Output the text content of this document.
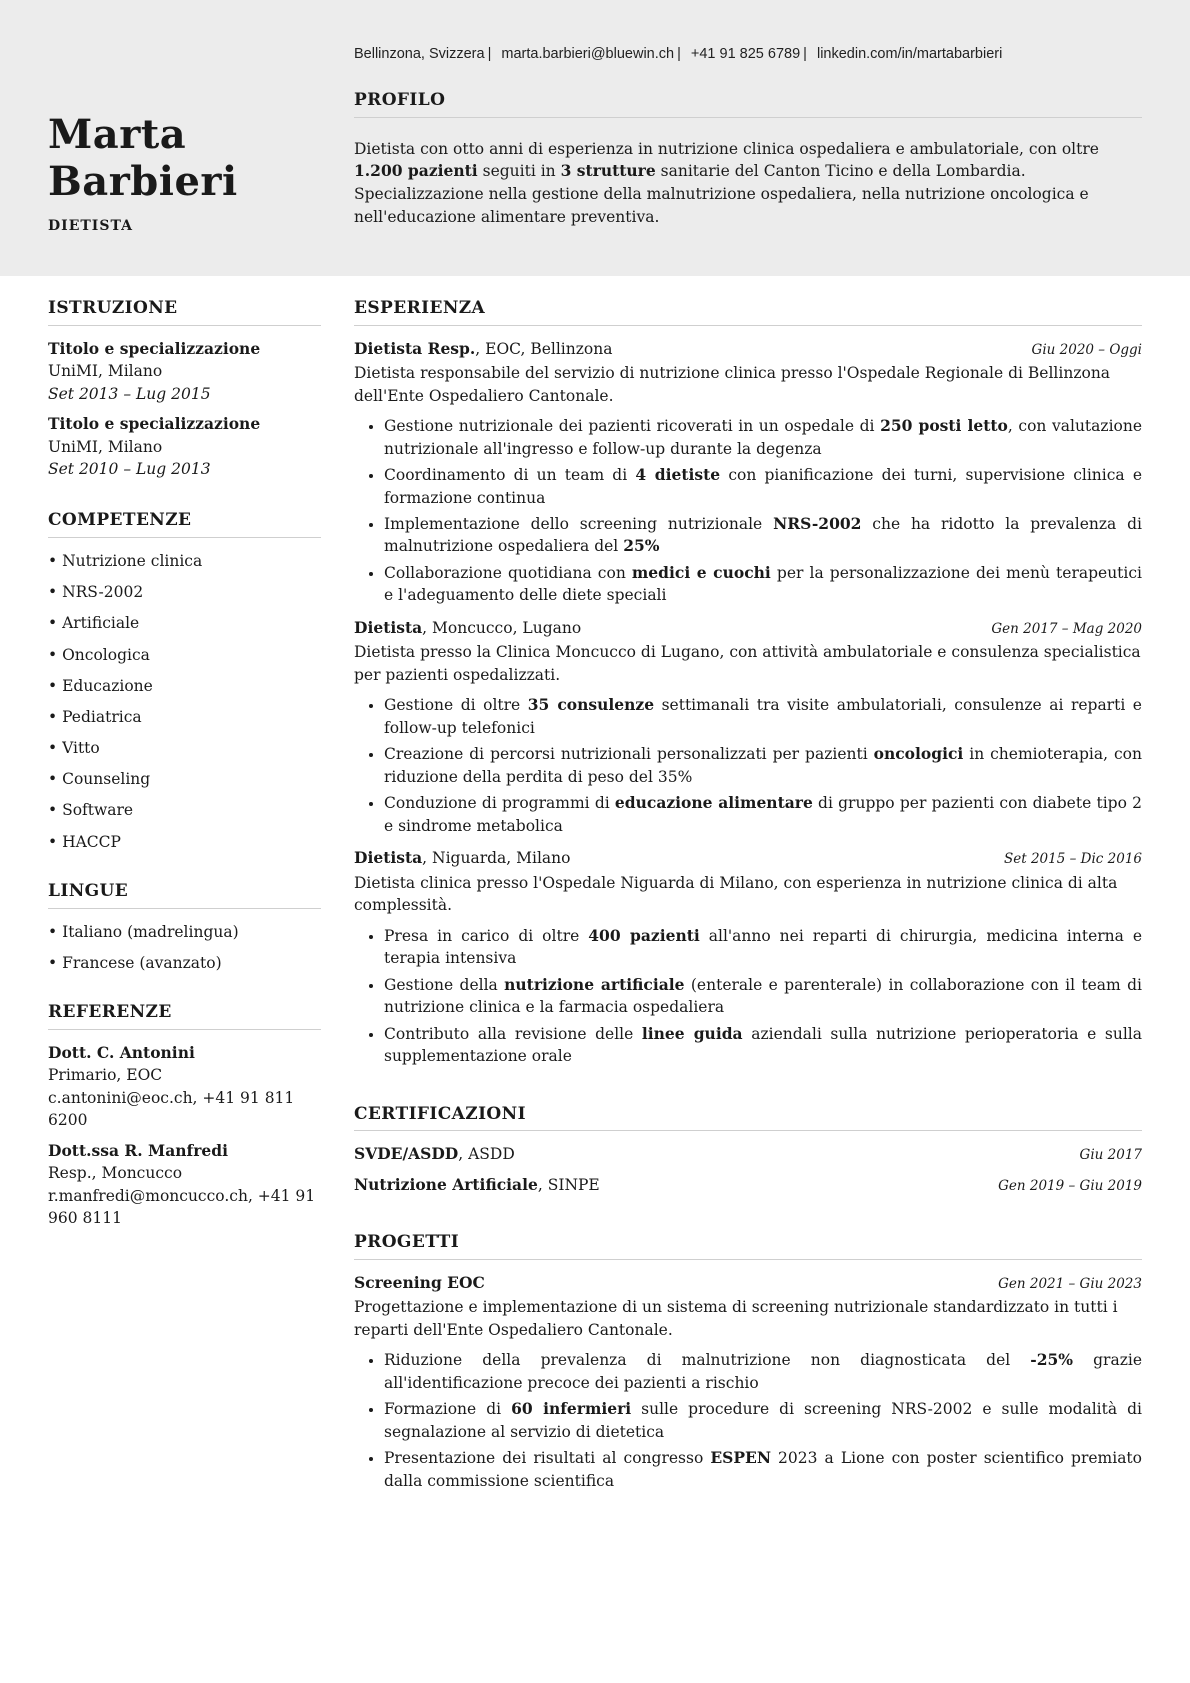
Marta
Barbieri
DIETISTA
Bellinzona, Svizzera | marta.barbieri@bluewin.ch | +41 91 825 6789 | linkedin.com/in/martabarbieri
PROFILO

Dietista con otto anni di esperienza in nutrizione clinica ospedaliera e ambulatoriale, con oltre 1.200 pazienti seguiti in 3 strutture sanitarie del Canton Ticino e della Lombardia. Specializzazione nella gestione della malnutrizione ospedaliera, nella nutrizione oncologica e nell'educazione alimentare preventiva.

ISTRUZIONE
Titolo e specializzazione
UniMI, Milano
Set 2013 – Lug 2015
Titolo e specializzazione
UniMI, Milano
Set 2010 – Lug 2013
COMPETENZE
• Nutrizione clinica
• NRS-2002
• Artificiale
• Oncologica
• Educazione
• Pediatrica
• Vitto
• Counseling
• Software
• HACCP
LINGUE
• Italiano (madrelingua)
• Francese (avanzato)
REFERENZE
Dott. C. Antonini
Primario, EOC
c.antonini@eoc.ch, +41 91 811 6200
Dott.ssa R. Manfredi
Resp., Moncucco
r.manfredi@moncucco.ch, +41 91 960 8111
ESPERIENZA
Dietista Resp., EOC, Bellinzona	Giu 2020 – Oggi
Dietista responsabile del servizio di nutrizione clinica presso l'Ospedale Regionale di Bellinzona dell'Ente Ospedaliero Cantonale.
• Gestione nutrizionale dei pazienti ricoverati in un ospedale di 250 posti letto, con valutazione nutrizionale all'ingresso e follow-up durante la degenza
• Coordinamento di un team di 4 dietiste con pianificazione dei turni, supervisione clinica e formazione continua
• Implementazione dello screening nutrizionale NRS-2002 che ha ridotto la prevalenza di malnutrizione ospedaliera del 25%
• Collaborazione quotidiana con medici e cuochi per la personalizzazione dei menù terapeutici e l'adeguamento delle diete speciali
Dietista, Moncucco, Lugano	Gen 2017 – Mag 2020
Dietista presso la Clinica Moncucco di Lugano, con attività ambulatoriale e consulenza specialistica per pazienti ospedalizzati.
• Gestione di oltre 35 consulenze settimanali tra visite ambulatoriali, consulenze ai reparti e follow-up telefonici
• Creazione di percorsi nutrizionali personalizzati per pazienti oncologici in chemioterapia, con riduzione della perdita di peso del 35%
• Conduzione di programmi di educazione alimentare di gruppo per pazienti con diabete tipo 2 e sindrome metabolica
Dietista, Niguarda, Milano	Set 2015 – Dic 2016
Dietista clinica presso l'Ospedale Niguarda di Milano, con esperienza in nutrizione clinica di alta complessità.
• Presa in carico di oltre 400 pazienti all'anno nei reparti di chirurgia, medicina interna e terapia intensiva
• Gestione della nutrizione artificiale (enterale e parenterale) in collaborazione con il team di nutrizione clinica e la farmacia ospedaliera
• Contributo alla revisione delle linee guida aziendali sulla nutrizione perioperatoria e sulla supplementazione orale
CERTIFICAZIONI
SVDE/ASDD, ASDD	Giu 2017
Nutrizione Artificiale, SINPE	Gen 2019 – Giu 2019
PROGETTI
Screening EOC	Gen 2021 – Giu 2023
Progettazione e implementazione di un sistema di screening nutrizionale standardizzato in tutti i reparti dell'Ente Ospedaliero Cantonale.
• Riduzione della prevalenza di malnutrizione non diagnosticata del -25% grazie all'identificazione precoce dei pazienti a rischio
• Formazione di 60 infermieri sulle procedure di screening NRS-2002 e sulle modalità di segnalazione al servizio di dietetica
• Presentazione dei risultati al congresso ESPEN 2023 a Lione con poster scientifico premiato dalla commissione scientifica
